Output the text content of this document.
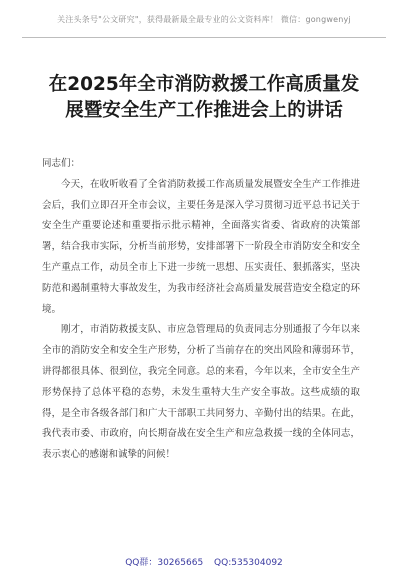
关注头条号"公文研究"，获得最新最全最专业的公文资料库！ 微信：gongwenyj
在2025年全市消防救援工作高质量发
展暨安全生产工作推进会上的讲话

同志们：

今天，在收听收看了全省消防救援工作高质量发展暨安全生产工作推进会后，我们立即召开全市会议，主要任务是深入学习贯彻习近平总书记关于安全生产重要论述和重要指示批示精神，全面落实省委、省政府的决策部署，结合我市实际，分析当前形势，安排部署下一阶段全市消防安全和安全生产重点工作，动员全市上下进一步统一思想、压实责任、狠抓落实，坚决防范和遏制重特大事故发生，为我市经济社会高质量发展营造安全稳定的环境。

刚才，市消防救援支队、市应急管理局的负责同志分别通报了今年以来全市的消防安全和安全生产形势，分析了当前存在的突出风险和薄弱环节，讲得都很具体、很到位，我完全同意。总的来看，今年以来，全市安全生产形势保持了总体平稳的态势，未发生重特大生产安全事故。这些成绩的取得，是全市各级各部门和广大干部职工共同努力、辛勤付出的结果。在此，我代表市委、市政府，向长期奋战在安全生产和应急救援一线的全体同志，表示衷心的感谢和诚挚的问候！

QQ群：30265665 QQ:535304092
